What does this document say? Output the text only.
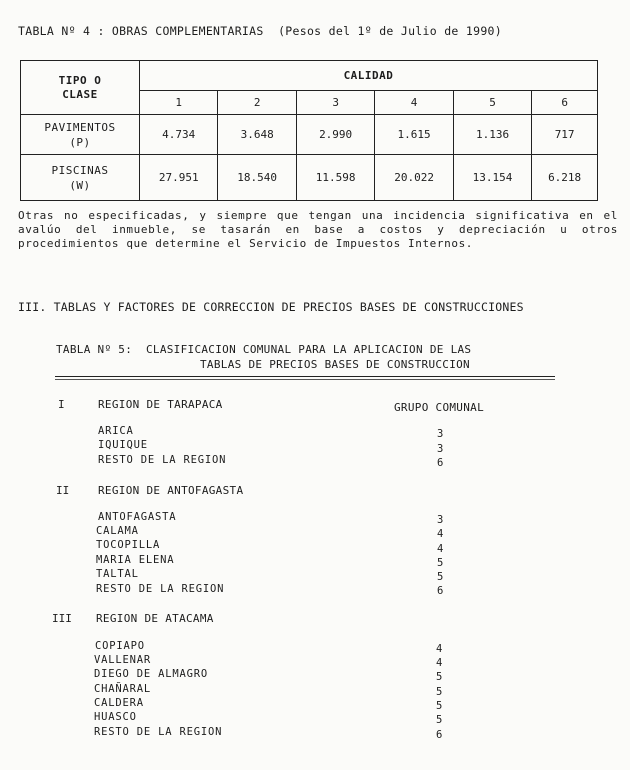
TABLA Nº 4 : OBRAS COMPLEMENTARIAS (Pesos del 1º de Julio de 1990)
TIPO O
CLASE	CALIDAD					
	1	2	3	4	5	6
PAVIMENTOS
(P)	4.734	3.648	2.990	1.615	1.136	717
PISCINAS
(W)	27.951	18.540	11.598	20.022	13.154	6.218
Otras no especificadas, y siempre que tengan una incidencia significativa en el avalúo del inmueble, se tasarán en base a costos y depreciación u otros procedimientos que determine el Servicio de Impuestos Internos.
III. TABLAS Y FACTORES DE CORRECCION DE PRECIOS BASES DE CONSTRUCCIONES
TABLA Nº 5:  CLASIFICACION COMUNAL PARA LA APLICACION DE LAS
TABLAS DE PRECIOS BASES DE CONSTRUCCION
GRUPO COMUNAL
I	REGION DE TARAPACA
ARICA	3
IQUIQUE	3
RESTO DE LA REGION	6
II	REGION DE ANTOFAGASTA
ANTOFAGASTA	3
CALAMA	4
TOCOPILLA	4
MARIA ELENA	5
TALTAL	5
RESTO DE LA REGION	6
III REGION DE ATACAMA
COPIAPO	4
VALLENAR	4
DIEGO DE ALMAGRO	5
CHAÑARAL	5
CALDERA	5
HUASCO	5
RESTO DE LA REGION	6
